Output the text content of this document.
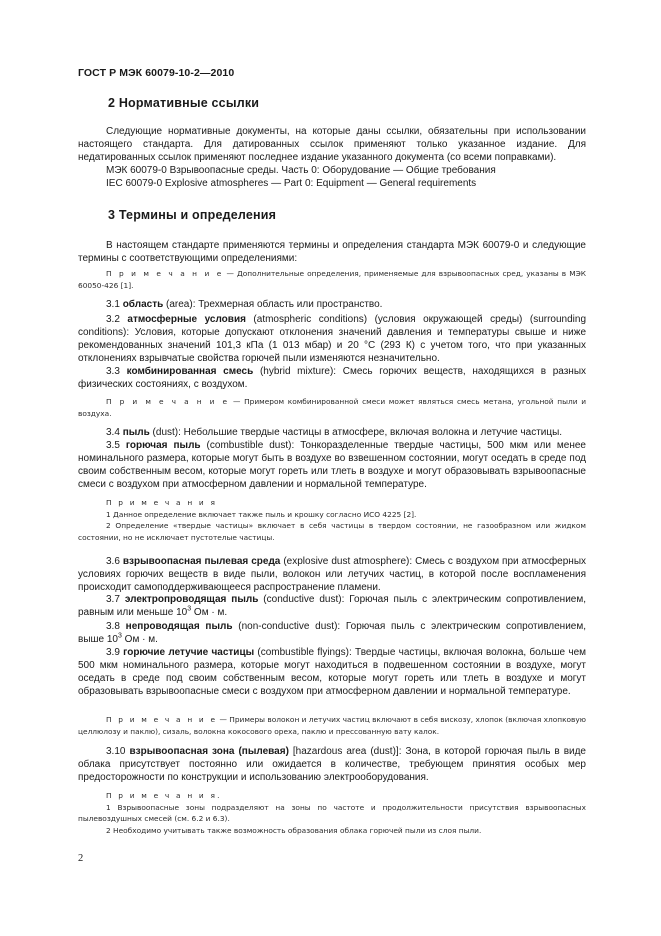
ГОСТ Р МЭК 60079-10-2—2010
2 Нормативные ссылки

Следующие нормативные документы, на которые даны ссылки, обязательны при использовании настоящего стандарта. Для датированных ссылок применяют только указанное издание. Для недатированных ссылок применяют последнее издание указанного документа (со всеми поправками).

МЭК 60079-0 Взрывоопасные среды. Часть 0: Оборудование — Общие требования

IEC 60079-0 Explosive atmospheres — Part 0: Equipment — General requirements

3 Термины и определения

В настоящем стандарте применяются термины и определения стандарта МЭК 60079-0 и следующие термины с соответствующими определениями:

П р и м е ч а н и е — Дополнительные определения, применяемые для взрывоопасных сред, указаны в МЭК 60050-426 [1].

3.1 область (area): Трехмерная область или пространство.

3.2 атмосферные условия (atmospheric conditions) (условия окружающей среды) (surrounding conditions): Условия, которые допускают отклонения значений давления и температуры свыше и ниже рекомендованных значений 101,3 кПа (1 013 мбар) и 20 °C (293 К) с учетом того, что при указанных отклонениях взрывчатые свойства горючей пыли изменяются незначительно.

3.3 комбинированная смесь (hybrid mixture): Смесь горючих веществ, находящихся в разных физических состояниях, с воздухом.

П р и м е ч а н и е — Примером комбинированной смеси может являться смесь метана, угольной пыли и воздуха.

3.4 пыль (dust): Небольшие твердые частицы в атмосфере, включая волокна и летучие частицы.

3.5 горючая пыль (combustible dust): Тонкоразделенные твердые частицы, 500 мкм или менее номинального размера, которые могут быть в воздухе во взвешенном состоянии, могут оседать в среде под своим собственным весом, которые могут гореть или тлеть в воздухе и могут образовывать взрывоопасные смеси с воздухом при атмосферном давлении и нормальной температуре.

П р и м е ч а н и я

1 Данное определение включает также пыль и крошку согласно ИСО 4225 [2].

2 Определение «твердые частицы» включает в себя частицы в твердом состоянии, не газообразном или жидком состоянии, но не исключает пустотелые частицы.

3.6 взрывоопасная пылевая среда (explosive dust atmosphere): Смесь с воздухом при атмосферных условиях горючих веществ в виде пыли, волокон или летучих частиц, в которой после воспламенения происходит самоподдерживающееся распространение пламени.

3.7 электропроводящая пыль (conductive dust): Горючая пыль с электрическим сопротивлением, равным или меньше $10^3$ Ом · м.

3.8 непроводящая пыль (non-conductive dust): Горючая пыль с электрическим сопротивлением, выше $10^3$ Ом · м.

3.9 горючие летучие частицы (combustible flyings): Твердые частицы, включая волокна, больше чем 500 мкм номинального размера, которые могут находиться в подвешенном состоянии в воздухе, могут оседать в среде под своим собственным весом, которые могут гореть или тлеть в воздухе и могут образовывать взрывоопасные смеси с воздухом при атмосферном давлении и нормальной температуре.

П р и м е ч а н и е — Примеры волокон и летучих частиц включают в себя вискозу, хлопок (включая хлопковую целлюлозу и паклю), сизаль, волокна кокосового ореха, паклю и прессованную вату калок.

3.10 взрывоопасная зона (пылевая) [hazardous area (dust)]: Зона, в которой горючая пыль в виде облака присутствует постоянно или ожидается в количестве, требующем принятия особых мер предосторожности по конструкции и использованию электрооборудования.

П р и м е ч а н и я.

1 Взрывоопасные зоны подразделяют на зоны по частоте и продолжительности присутствия взрывоопасных пылевоздушных смесей (см. 6.2 и 6.3).

2 Необходимо учитывать также возможность образования облака горючей пыли из слоя пыли.

2
